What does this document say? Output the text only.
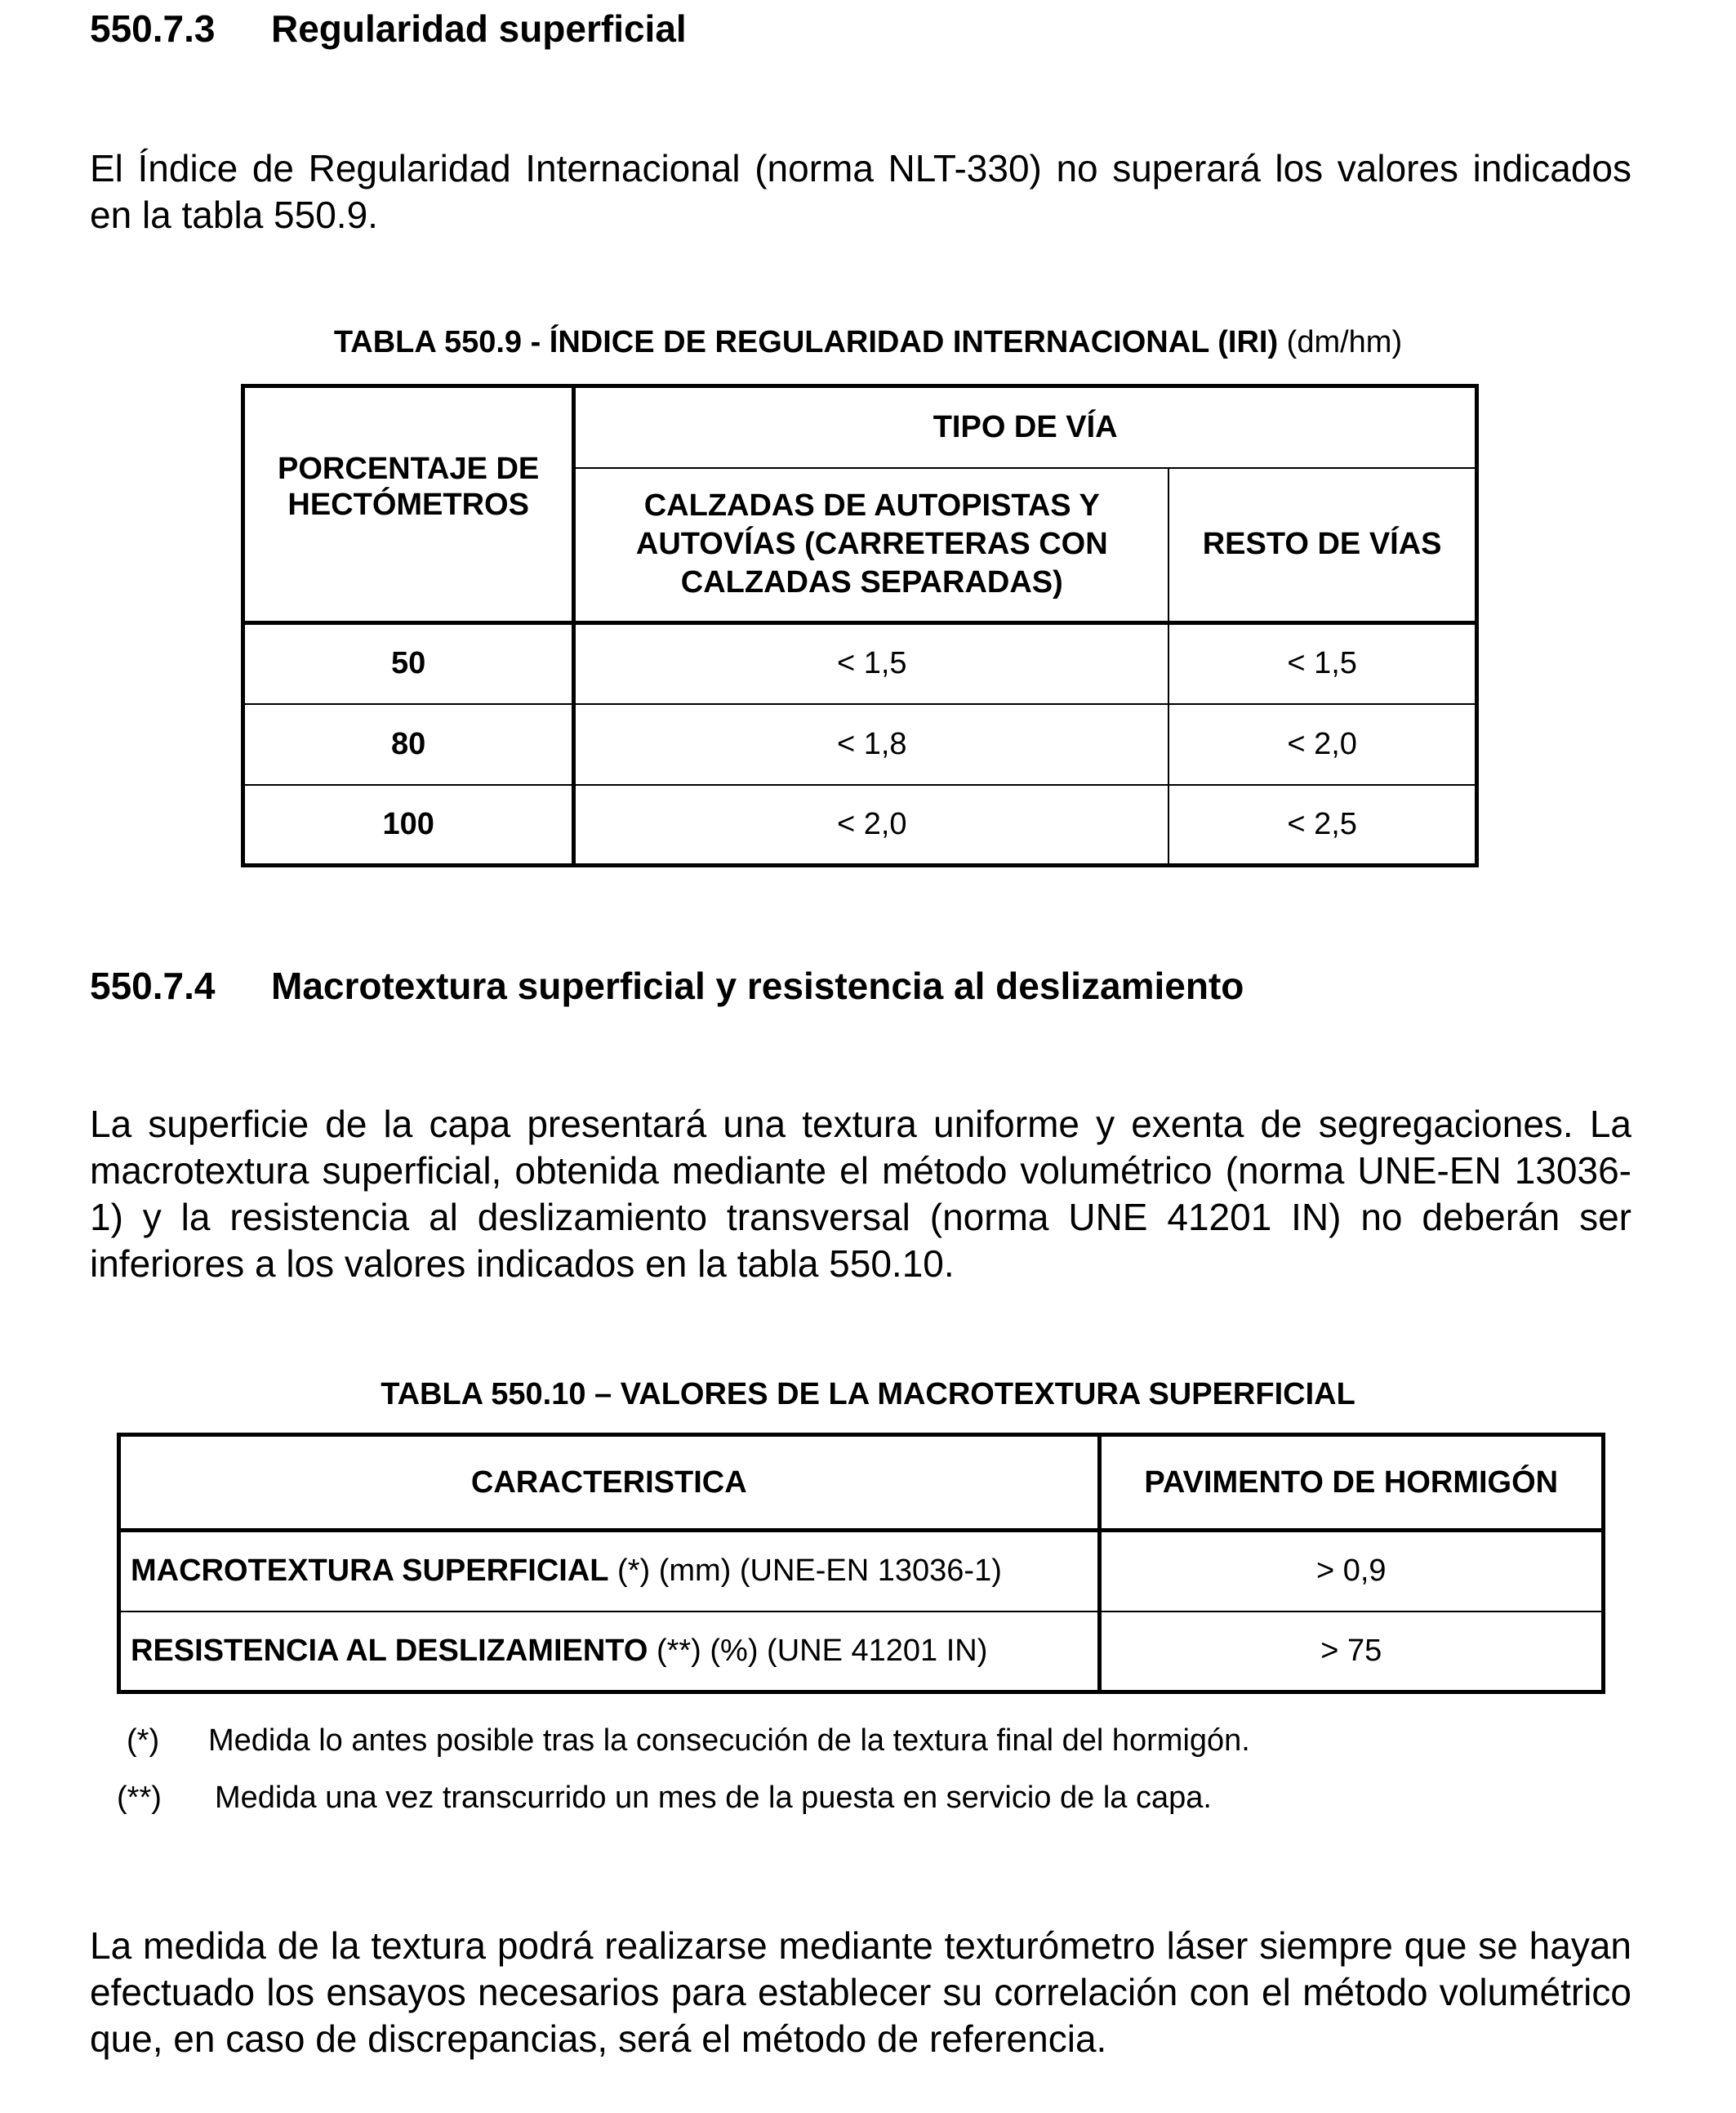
550.7.3 Regularidad superficial

El Índice de Regularidad Internacional (norma NLT-330) no superará los valores indicados en la tabla 550.9.

TABLA 550.9 - ÍNDICE DE REGULARIDAD INTERNACIONAL (IRI) (dm/hm)
PORCENTAJE DE HECTÓMETROS	TIPO DE VÍA	

	CALZADAS DE AUTOPISTAS Y AUTOVÍAS (CARRETERAS CON CALZADAS SEPARADAS)	RESTO DE VÍAS
50	< 1,5	< 1,5
80	< 1,8	< 2,0
100	< 2,0	< 2,5
550.7.4 Macrotextura superficial y resistencia al deslizamiento

La superficie de la capa presentará una textura uniforme y exenta de segregaciones. La macrotextura superficial, obtenida mediante el método volumétrico (norma UNE-EN 13036-1) y la resistencia al deslizamiento transversal (norma UNE 41201 IN) no deberán ser inferiores a los valores indicados en la tabla 550.10.

TABLA 550.10 – VALORES DE LA MACROTEXTURA SUPERFICIAL
CARACTERISTICA	PAVIMENTO DE HORMIGÓN
MACROTEXTURA SUPERFICIAL (*) (mm) (UNE-EN 13036-1)	> 0,9
RESISTENCIA AL DESLIZAMIENTO (**) (%) (UNE 41201 IN)	> 75
(*) Medida lo antes posible tras la consecución de la textura final del hormigón.
(**) Medida una vez transcurrido un mes de la puesta en servicio de la capa.

La medida de la textura podrá realizarse mediante texturómetro láser siempre que se hayan efectuado los ensayos necesarios para establecer su correlación con el método volumétrico que, en caso de discrepancias, será el método de referencia.
